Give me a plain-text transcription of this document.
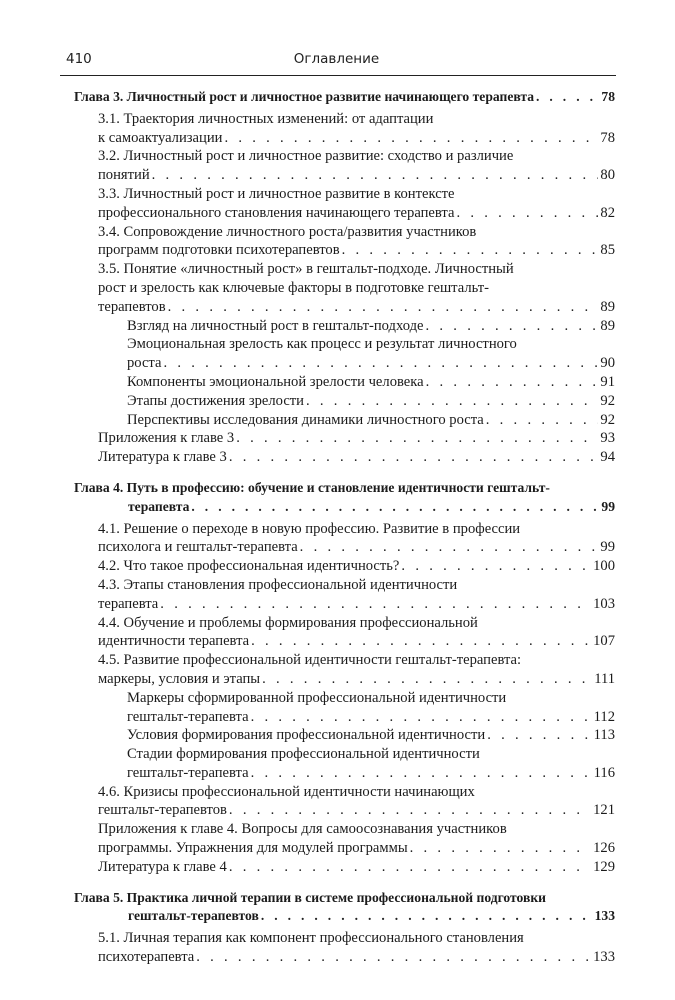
410	Оглавление
Глава 3. Личностный рост и личностное развитие начинающего терапевта . . .	78
3.1. Траектория личностных изменений: от адаптации
к самоактуализации . . .	78
3.2. Личностный рост и личностное развитие: сходство и различие
понятий . . .	80
3.3. Личностный рост и личностное развитие в контексте
профессионального становления начинающего терапевта . . .	82
3.4. Сопровождение личностного роста/развития участников
программ подготовки психотерапевтов . . .	85
3.5. Понятие «личностный рост» в гештальт-подходе. Личностный
рост и зрелость как ключевые факторы в подготовке гештальт-
терапевтов . . .	89
Взгляд на личностный рост в гештальт-подходе . . .	89
Эмоциональная зрелость как процесс и результат личностного
роста . . .	90
Компоненты эмоциональной зрелости человека . . .	91
Этапы достижения зрелости . . .	92
Перспективы исследования динамики личностного роста . . .	92
Приложения к главе 3 . . .	93
Литература к главе 3 . . .	94
Глава 4. Путь в профессию: обучение и становление идентичности гештальт-
терапевта . . .	99
4.1. Решение о переходе в новую профессию. Развитие в профессии
психолога и гештальт-терапевта . . .	99
4.2. Что такое профессиональная идентичность? . . .	100
4.3. Этапы становления профессиональной идентичности
терапевта . . .	103
4.4. Обучение и проблемы формирования профессиональной
идентичности терапевта . . .	107
4.5. Развитие профессиональной идентичности гештальт-терапевта:
маркеры, условия и этапы . . .	111
Маркеры сформированной профессиональной идентичности
гештальт-терапевта . . .	112
Условия формирования профессиональной идентичности . . .	113
Стадии формирования профессиональной идентичности
гештальт-терапевта . . .	116
4.6. Кризисы профессиональной идентичности начинающих
гештальт-терапевтов . . .	121
Приложения к главе 4. Вопросы для самоосознавания участников
программы. Упражнения для модулей программы . . .	126
Литература к главе 4 . . .	129
Глава 5. Практика личной терапии в системе профессиональной подготовки
гештальт-терапевтов . . .	133
5.1. Личная терапия как компонент профессионального становления
психотерапевта . . .	133
